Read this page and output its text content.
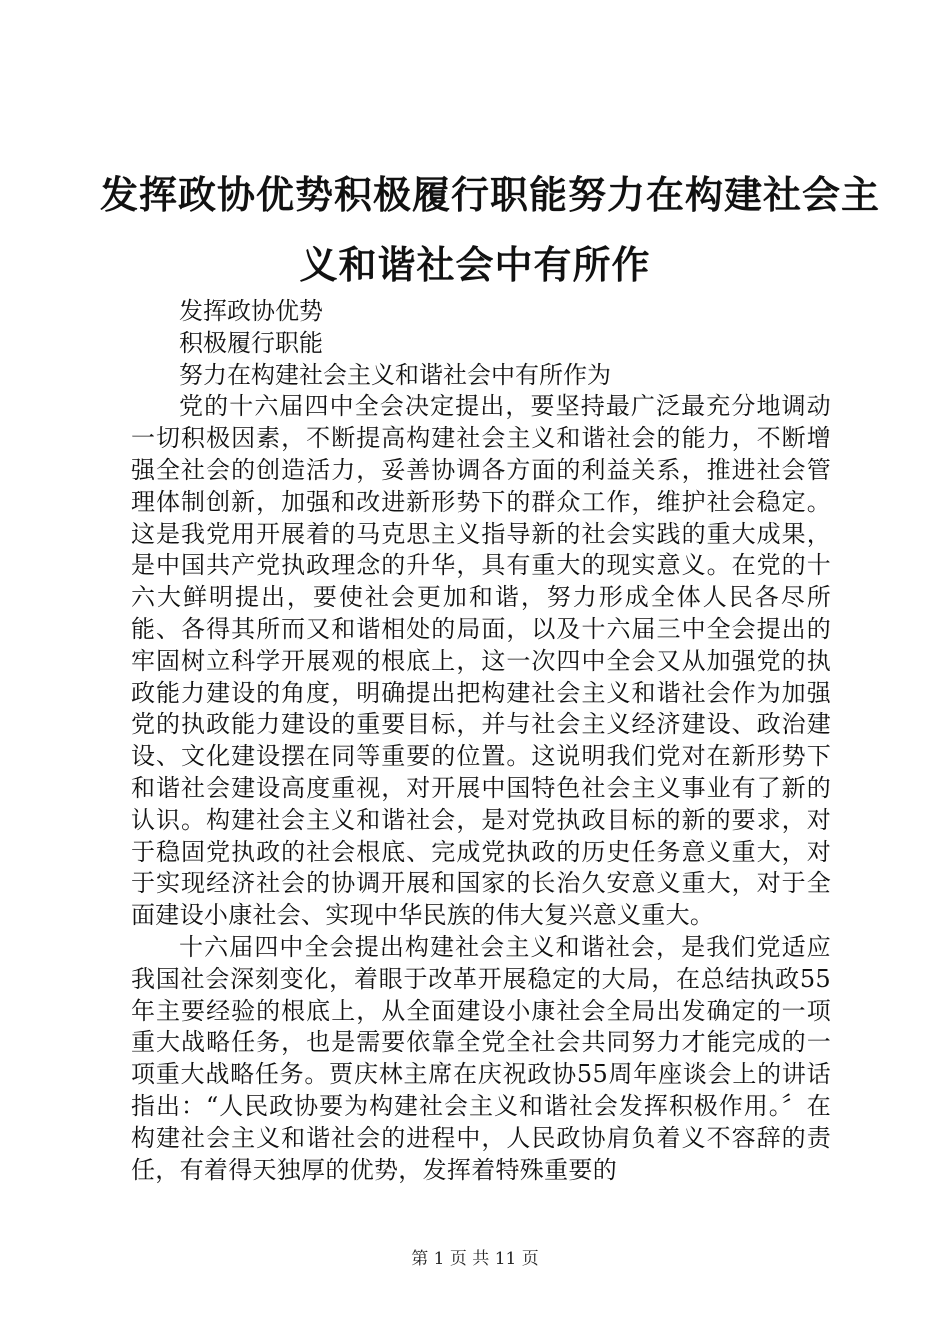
发挥政协优势积极履行职能努力在构建社会主
义和谐社会中有所作

发挥政协优势

积极履行职能

努力在构建社会主义和谐社会中有所作为

党的十六届四中全会决定提出，要坚持最广泛最充分地调动一切积极因素，不断提高构建社会主义和谐社会的能力，不断增强全社会的创造活力，妥善协调各方面的利益关系，推进社会管理体制创新，加强和改进新形势下的群众工作，维护社会稳定。这是我党用开展着的马克思主义指导新的社会实践的重大成果，是中国共产党执政理念的升华，具有重大的现实意义。在党的十六大鲜明提出，要使社会更加和谐，努力形成全体人民各尽所能、各得其所而又和谐相处的局面，以及十六届三中全会提出的牢固树立科学开展观的根底上，这一次四中全会又从加强党的执政能力建设的角度，明确提出把构建社会主义和谐社会作为加强党的执政能力建设的重要目标，并与社会主义经济建设、政治建设、文化建设摆在同等重要的位置。这说明我们党对在新形势下和谐社会建设高度重视，对开展中国特色社会主义事业有了新的认识。构建社会主义和谐社会，是对党执政目标的新的要求，对于稳固党执政的社会根底、完成党执政的历史任务意义重大，对于实现经济社会的协调开展和国家的长治久安意义重大，对于全面建设小康社会、实现中华民族的伟大复兴意义重大。

十六届四中全会提出构建社会主义和谐社会，是我们党适应我国社会深刻变化，着眼于改革开展稳定的大局，在总结执政55年主要经验的根底上，从全面建设小康社会全局出发确定的一项重大战略任务，也是需要依靠全党全社会共同努力才能完成的一项重大战略任务。贾庆林主席在庆祝政协55周年座谈会上的讲话指出：“人民政协要为构建社会主义和谐社会发挥积极作用。〞在构建社会主义和谐社会的进程中，人民政协肩负着义不容辞的责任，有着得天独厚的优势，发挥着特殊重要的

第 1 页 共 11 页
